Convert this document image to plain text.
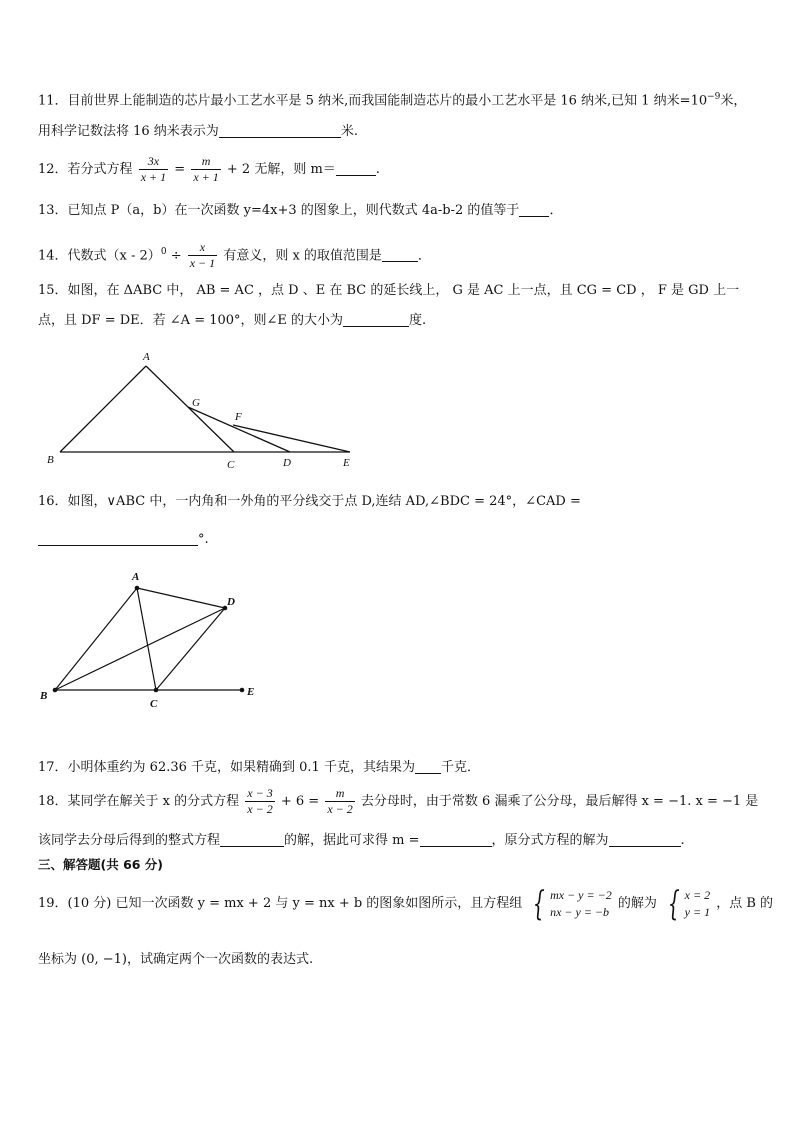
11．目前世界上能制造的芯片最小工艺水平是 5 纳米,而我国能制造芯片的最小工艺水平是 16 纳米,已知 1 纳米$=10^{-9}$米，
用科学记数法将 16 纳米表示为	米.
12．若分式方程 $\frac{3x}{x + 1} = \frac{m}{x + 1} + 2$ 无解，则 m＝	.
13．已知点 P（a，b）在一次函数 y=4x+3 的图象上，则代数式 4a-b-2 的值等于 ．
14．代数式$(x - 2)^0 \div \frac{x}{x - 1}$ 有意义，则 x 的取值范围是	．
15．如图，在 ΔABC 中， AB = AC ，点 D 、E 在 BC 的延长线上， G 是 AC 上一点，且 CG = CD ， F 是 GD 上一
点，且 DF = DE．若 ∠A = 100°，则∠E 的大小为	度.
A
B	C	D	E
G
F
16．如图，∨ABC 中，一内角和一外角的平分线交于点 D,连结 AD,∠BDC = 24°，∠CAD =
°.
A
B
C
D
E
17．小明体重约为 62.36 千克，如果精确到 0.1 千克，其结果为 千克．
18．某同学在解关于 x 的分式方程 $\frac{x - 3}{x - 2} + 6 = \frac{m}{x - 2}$ 去分母时，由于常数 6 漏乘了公分母，最后解得 x = −1. x = −1 是
该同学去分母后得到的整式方程	的解，据此可求得 m =	，原分式方程的解为	.
三、解答题(共 66 分)
19．(10 分) 已知一次函数 y = mx + 2 与 y = nx + b 的图象如图所示，且方程组 { mx − y = −2
nx − y = −b
的解为 { x = 2
y = 1
，点 B 的
坐标为 (0, −1)，试确定两个一次函数的表达式.
